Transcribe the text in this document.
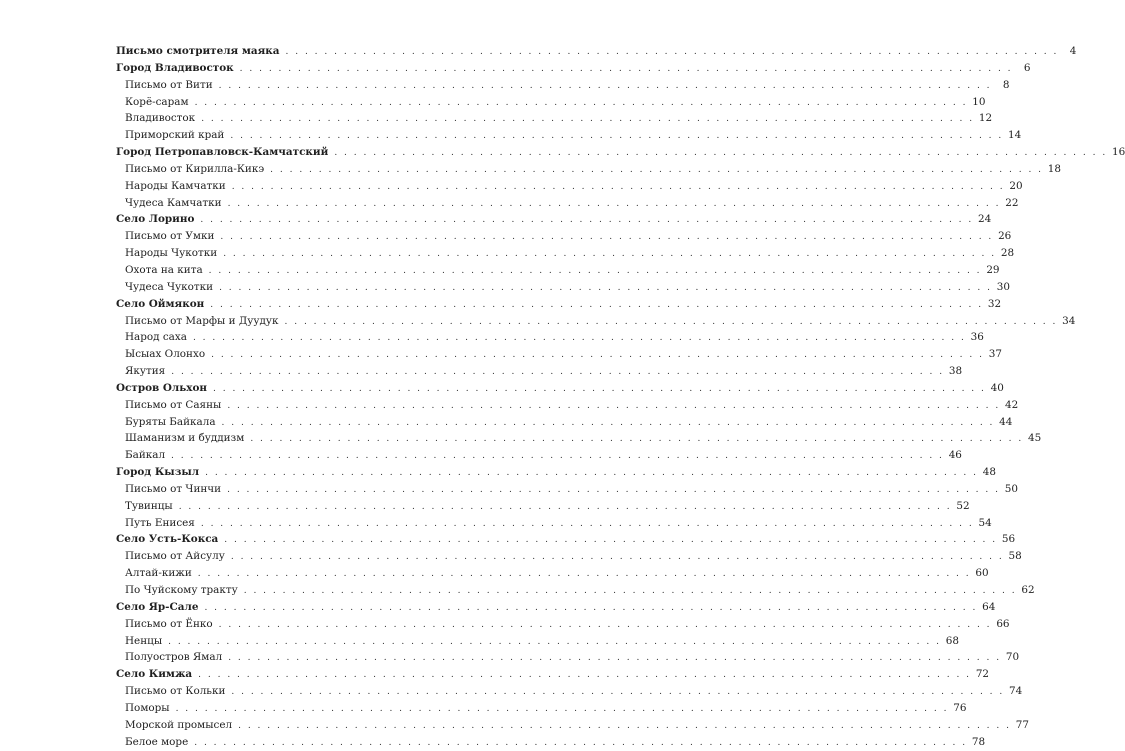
Письмо смотрителя маяка . . . . . . . . . . . . . . . . . . . . . . . . . . . . . . . . . . . . . . . . . . . . . . . . . . . . . . . . . . . . . . . . . . . . . . . . . . . . . . . .	4
Город Владивосток . . . . . . . . . . . . . . . . . . . . . . . . . . . . . . . . . . . . . . . . . . . . . . . . . . . . . . . . . . . . . . . . . . . . . . . . . . . . . . . .	6
Письмо от Вити . . . . . . . . . . . . . . . . . . . . . . . . . . . . . . . . . . . . . . . . . . . . . . . . . . . . . . . . . . . . . . . . . . . . . . . . . . . . . . . .	8
Корё-сарам . . . . . . . . . . . . . . . . . . . . . . . . . . . . . . . . . . . . . . . . . . . . . . . . . . . . . . . . . . . . . . . . . . . . . . . . . . . . . . . . 10
Владивосток . . . . . . . . . . . . . . . . . . . . . . . . . . . . . . . . . . . . . . . . . . . . . . . . . . . . . . . . . . . . . . . . . . . . . . . . . . . . . . . . 12
Приморский край . . . . . . . . . . . . . . . . . . . . . . . . . . . . . . . . . . . . . . . . . . . . . . . . . . . . . . . . . . . . . . . . . . . . . . . . . . . . . . . . 14
Город Петропавловск-Камчатский . . . . . . . . . . . . . . . . . . . . . . . . . . . . . . . . . . . . . . . . . . . . . . . . . . . . . . . . . . . . . . . . . . . . . . . . . . . . . . . . 16
Письмо от Кирилла-Кикэ . . . . . . . . . . . . . . . . . . . . . . . . . . . . . . . . . . . . . . . . . . . . . . . . . . . . . . . . . . . . . . . . . . . . . . . . . . . . . . . . 18
Народы Камчатки . . . . . . . . . . . . . . . . . . . . . . . . . . . . . . . . . . . . . . . . . . . . . . . . . . . . . . . . . . . . . . . . . . . . . . . . . . . . . . . . 20
Чудеса Камчатки . . . . . . . . . . . . . . . . . . . . . . . . . . . . . . . . . . . . . . . . . . . . . . . . . . . . . . . . . . . . . . . . . . . . . . . . . . . . . . . . 22
Село Лорино . . . . . . . . . . . . . . . . . . . . . . . . . . . . . . . . . . . . . . . . . . . . . . . . . . . . . . . . . . . . . . . . . . . . . . . . . . . . . . . . 24
Письмо от Умки . . . . . . . . . . . . . . . . . . . . . . . . . . . . . . . . . . . . . . . . . . . . . . . . . . . . . . . . . . . . . . . . . . . . . . . . . . . . . . . . 26
Народы Чукотки . . . . . . . . . . . . . . . . . . . . . . . . . . . . . . . . . . . . . . . . . . . . . . . . . . . . . . . . . . . . . . . . . . . . . . . . . . . . . . . . 28
Охота на кита . . . . . . . . . . . . . . . . . . . . . . . . . . . . . . . . . . . . . . . . . . . . . . . . . . . . . . . . . . . . . . . . . . . . . . . . . . . . . . . . 29
Чудеса Чукотки . . . . . . . . . . . . . . . . . . . . . . . . . . . . . . . . . . . . . . . . . . . . . . . . . . . . . . . . . . . . . . . . . . . . . . . . . . . . . . . . 30
Село Оймякон . . . . . . . . . . . . . . . . . . . . . . . . . . . . . . . . . . . . . . . . . . . . . . . . . . . . . . . . . . . . . . . . . . . . . . . . . . . . . . . . 32
Письмо от Марфы и Дуудук . . . . . . . . . . . . . . . . . . . . . . . . . . . . . . . . . . . . . . . . . . . . . . . . . . . . . . . . . . . . . . . . . . . . . . . . . . . . . . . . 34
Народ саха . . . . . . . . . . . . . . . . . . . . . . . . . . . . . . . . . . . . . . . . . . . . . . . . . . . . . . . . . . . . . . . . . . . . . . . . . . . . . . . . 36
Ысыах Олонхо . . . . . . . . . . . . . . . . . . . . . . . . . . . . . . . . . . . . . . . . . . . . . . . . . . . . . . . . . . . . . . . . . . . . . . . . . . . . . . . . 37
Якутия . . . . . . . . . . . . . . . . . . . . . . . . . . . . . . . . . . . . . . . . . . . . . . . . . . . . . . . . . . . . . . . . . . . . . . . . . . . . . . . . 38
Остров Ольхон . . . . . . . . . . . . . . . . . . . . . . . . . . . . . . . . . . . . . . . . . . . . . . . . . . . . . . . . . . . . . . . . . . . . . . . . . . . . . . . . 40
Письмо от Саяны . . . . . . . . . . . . . . . . . . . . . . . . . . . . . . . . . . . . . . . . . . . . . . . . . . . . . . . . . . . . . . . . . . . . . . . . . . . . . . . . 42
Буряты Байкала . . . . . . . . . . . . . . . . . . . . . . . . . . . . . . . . . . . . . . . . . . . . . . . . . . . . . . . . . . . . . . . . . . . . . . . . . . . . . . . . 44
Шаманизм и буддизм . . . . . . . . . . . . . . . . . . . . . . . . . . . . . . . . . . . . . . . . . . . . . . . . . . . . . . . . . . . . . . . . . . . . . . . . . . . . . . . . 45
Байкал . . . . . . . . . . . . . . . . . . . . . . . . . . . . . . . . . . . . . . . . . . . . . . . . . . . . . . . . . . . . . . . . . . . . . . . . . . . . . . . . 46
Город Кызыл . . . . . . . . . . . . . . . . . . . . . . . . . . . . . . . . . . . . . . . . . . . . . . . . . . . . . . . . . . . . . . . . . . . . . . . . . . . . . . . . 48
Письмо от Чинчи . . . . . . . . . . . . . . . . . . . . . . . . . . . . . . . . . . . . . . . . . . . . . . . . . . . . . . . . . . . . . . . . . . . . . . . . . . . . . . . . 50
Тувинцы . . . . . . . . . . . . . . . . . . . . . . . . . . . . . . . . . . . . . . . . . . . . . . . . . . . . . . . . . . . . . . . . . . . . . . . . . . . . . . . . 52
Путь Енисея . . . . . . . . . . . . . . . . . . . . . . . . . . . . . . . . . . . . . . . . . . . . . . . . . . . . . . . . . . . . . . . . . . . . . . . . . . . . . . . . 54
Село Усть-Кокса . . . . . . . . . . . . . . . . . . . . . . . . . . . . . . . . . . . . . . . . . . . . . . . . . . . . . . . . . . . . . . . . . . . . . . . . . . . . . . . . 56
Письмо от Айсулу . . . . . . . . . . . . . . . . . . . . . . . . . . . . . . . . . . . . . . . . . . . . . . . . . . . . . . . . . . . . . . . . . . . . . . . . . . . . . . . . 58
Алтай-кижи . . . . . . . . . . . . . . . . . . . . . . . . . . . . . . . . . . . . . . . . . . . . . . . . . . . . . . . . . . . . . . . . . . . . . . . . . . . . . . . . 60
По Чуйскому тракту . . . . . . . . . . . . . . . . . . . . . . . . . . . . . . . . . . . . . . . . . . . . . . . . . . . . . . . . . . . . . . . . . . . . . . . . . . . . . . . . 62
Село Яр-Сале . . . . . . . . . . . . . . . . . . . . . . . . . . . . . . . . . . . . . . . . . . . . . . . . . . . . . . . . . . . . . . . . . . . . . . . . . . . . . . . . 64
Письмо от Ёнко . . . . . . . . . . . . . . . . . . . . . . . . . . . . . . . . . . . . . . . . . . . . . . . . . . . . . . . . . . . . . . . . . . . . . . . . . . . . . . . . 66
Ненцы . . . . . . . . . . . . . . . . . . . . . . . . . . . . . . . . . . . . . . . . . . . . . . . . . . . . . . . . . . . . . . . . . . . . . . . . . . . . . . . . 68
Полуостров Ямал . . . . . . . . . . . . . . . . . . . . . . . . . . . . . . . . . . . . . . . . . . . . . . . . . . . . . . . . . . . . . . . . . . . . . . . . . . . . . . . . 70
Село Кимжа . . . . . . . . . . . . . . . . . . . . . . . . . . . . . . . . . . . . . . . . . . . . . . . . . . . . . . . . . . . . . . . . . . . . . . . . . . . . . . . . 72
Письмо от Кольки . . . . . . . . . . . . . . . . . . . . . . . . . . . . . . . . . . . . . . . . . . . . . . . . . . . . . . . . . . . . . . . . . . . . . . . . . . . . . . . . 74
Поморы . . . . . . . . . . . . . . . . . . . . . . . . . . . . . . . . . . . . . . . . . . . . . . . . . . . . . . . . . . . . . . . . . . . . . . . . . . . . . . . . 76
Морской промысел . . . . . . . . . . . . . . . . . . . . . . . . . . . . . . . . . . . . . . . . . . . . . . . . . . . . . . . . . . . . . . . . . . . . . . . . . . . . . . . . 77
Белое море . . . . . . . . . . . . . . . . . . . . . . . . . . . . . . . . . . . . . . . . . . . . . . . . . . . . . . . . . . . . . . . . . . . . . . . . . . . . . . . . 78
